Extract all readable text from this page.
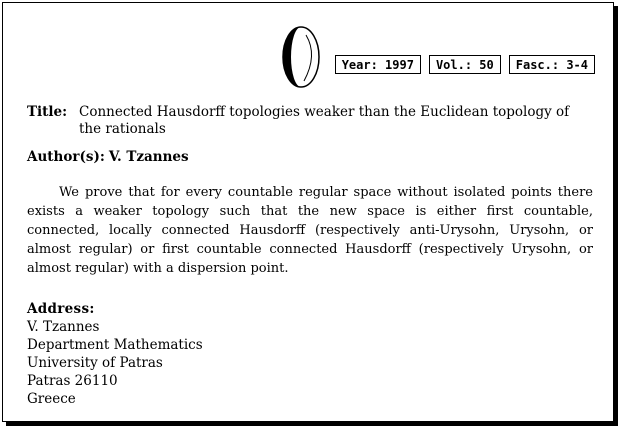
Year: 1997	Vol.: 50	Fasc.: 3-4
Title: Connected Hausdorff topologies weaker than the Euclidean topology of the rationals
Author(s): V. Tzannes

We prove that for every countable regular space without isolated points there exists a weaker topology such that the new space is either first countable, connected, locally connected Hausdorff (respectively anti-Urysohn, Urysohn, or almost regular) or first countable connected Hausdorff (respectively Urysohn, or almost regular) with a dispersion point.

Address:
V. Tzannes
Department Mathematics
University of Patras
Patras 26110
Greece
